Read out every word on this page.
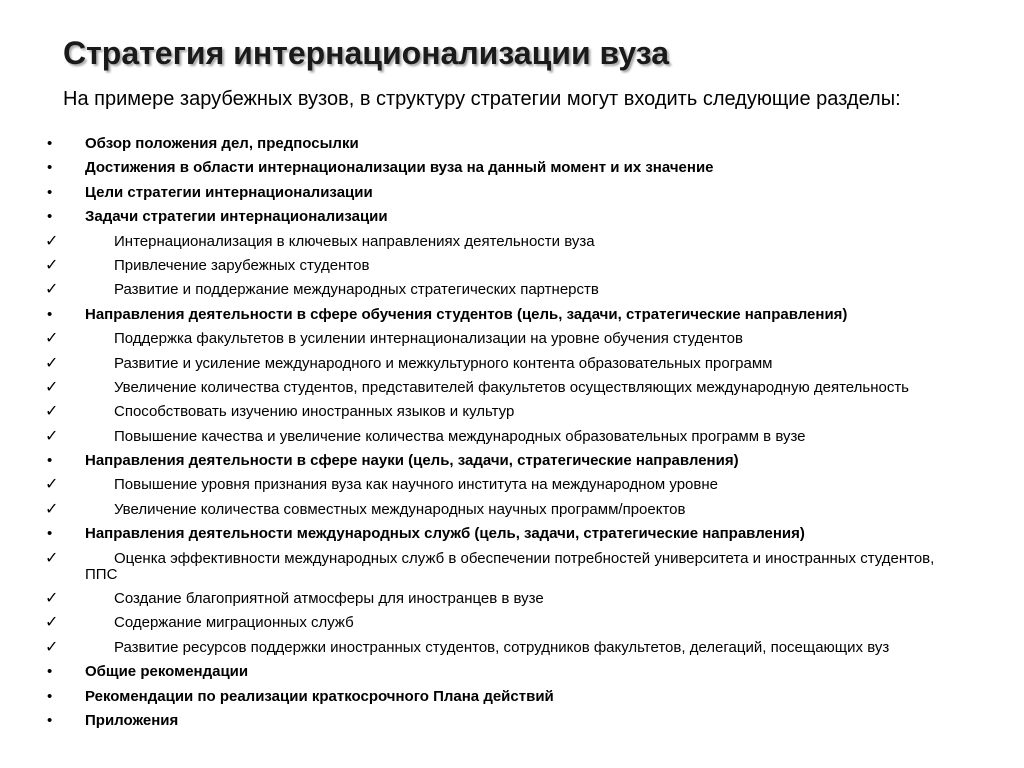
Стратегия интернационализации вуза

На примере зарубежных вузов, в структуру стратегии могут входить следующие разделы:

•	Обзор положения дел, предпосылки
•	Достижения в области интернационализации вуза на данный момент и их значение
•	Цели стратегии интернационализации
•	Задачи стратегии интернационализации
✓	Интернационализация в ключевых направлениях деятельности вуза
✓	Привлечение зарубежных студентов
✓	Развитие и поддержание международных стратегических партнерств
•	Направления деятельности в сфере обучения студентов (цель, задачи, стратегические направления)
✓	Поддержка факультетов в усилении интернационализации на уровне обучения студентов
✓	Развитие и усиление международного и межкультурного контента образовательных программ
✓	Увеличение количества студентов, представителей факультетов осуществляющих международную деятельность
✓	Способствовать изучению иностранных языков и культур
✓	Повышение качества и увеличение количества международных образовательных программ в вузе
•	Направления деятельности в сфере науки (цель, задачи, стратегические направления)
✓	Повышение уровня признания вуза как научного института на международном уровне
✓	Увеличение количества совместных международных научных программ/проектов
•	Направления деятельности международных служб (цель, задачи, стратегические направления)
✓	Оценка эффективности международных служб в обеспечении потребностей университета и иностранных студентов, ППС
✓	Создание благоприятной атмосферы для иностранцев в вузе
✓	Содержание миграционных служб
✓	Развитие ресурсов поддержки иностранных студентов, сотрудников факультетов, делегаций, посещающих вуз
•	Общие рекомендации
•	Рекомендации по реализации краткосрочного Плана действий
•	Приложения
